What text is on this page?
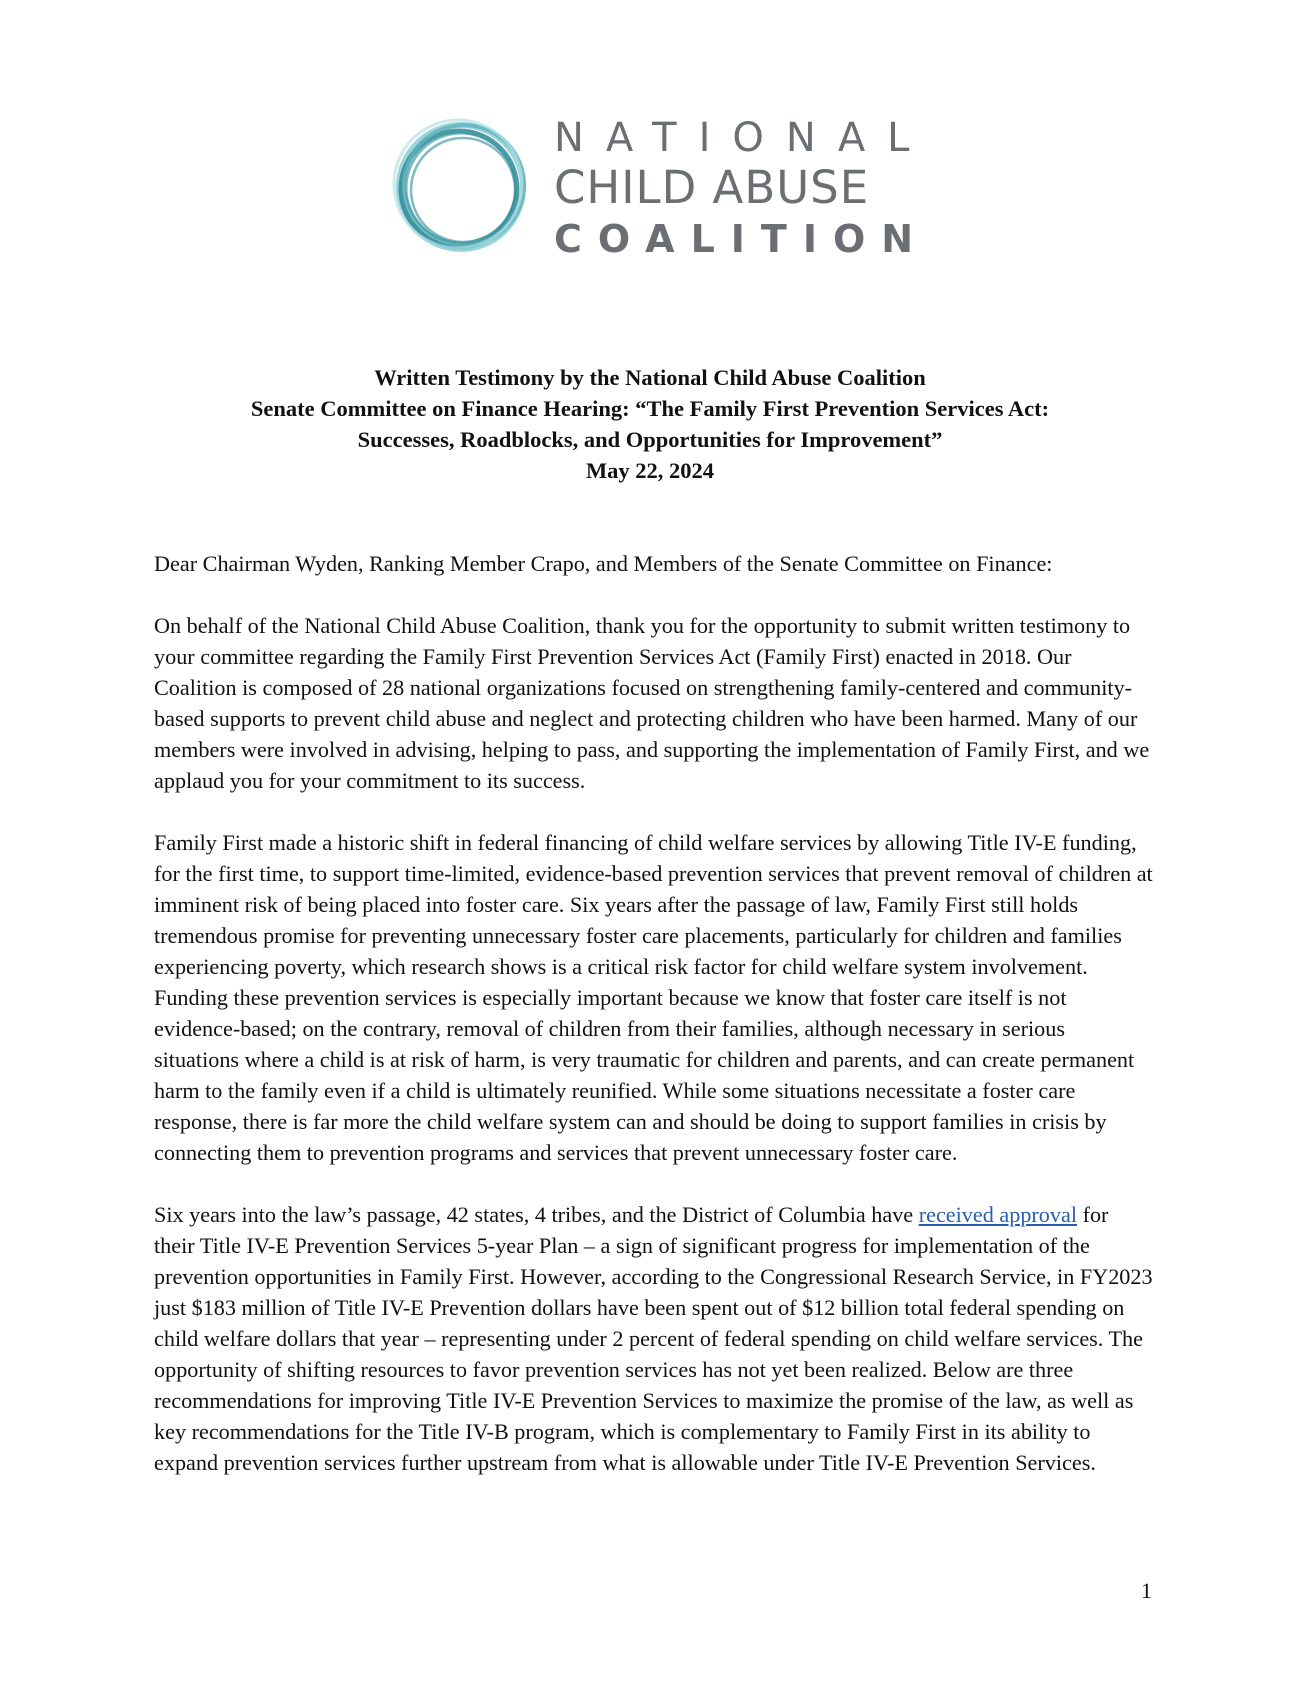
NATIONAL
CHILD ABUSE
COALITION
Written Testimony by the National Child Abuse Coalition
Senate Committee on Finance Hearing: “The Family First Prevention Services Act:
Successes, Roadblocks, and Opportunities for Improvement”
May 22, 2024

Dear Chairman Wyden, Ranking Member Crapo, and Members of the Senate Committee on Finance:

On behalf of the National Child Abuse Coalition, thank you for the opportunity to submit written testimony to your committee regarding the Family First Prevention Services Act (Family First) enacted in 2018. Our Coalition is composed of 28 national organizations focused on strengthening family-centered and community-based supports to prevent child abuse and neglect and protecting children who have been harmed. Many of our members were involved in advising, helping to pass, and supporting the implementation of Family First, and we applaud you for your commitment to its success.

Family First made a historic shift in federal financing of child welfare services by allowing Title IV-E funding, for the first time, to support time-limited, evidence-based prevention services that prevent removal of children at imminent risk of being placed into foster care. Six years after the passage of law, Family First still holds tremendous promise for preventing unnecessary foster care placements, particularly for children and families experiencing poverty, which research shows is a critical risk factor for child welfare system involvement. Funding these prevention services is especially important because we know that foster care itself is not evidence-based; on the contrary, removal of children from their families, although necessary in serious situations where a child is at risk of harm, is very traumatic for children and parents, and can create permanent harm to the family even if a child is ultimately reunified. While some situations necessitate a foster care response, there is far more the child welfare system can and should be doing to support families in crisis by connecting them to prevention programs and services that prevent unnecessary foster care.

Six years into the law’s passage, 42 states, 4 tribes, and the District of Columbia have received approval for their Title IV-E Prevention Services 5-year Plan – a sign of significant progress for implementation of the prevention opportunities in Family First. However, according to the Congressional Research Service, in FY2023 just $183 million of Title IV-E Prevention dollars have been spent out of $12 billion total federal spending on child welfare dollars that year – representing under 2 percent of federal spending on child welfare services. The opportunity of shifting resources to favor prevention services has not yet been realized. Below are three recommendations for improving Title IV-E Prevention Services to maximize the promise of the law, as well as key recommendations for the Title IV-B program, which is complementary to Family First in its ability to expand prevention services further upstream from what is allowable under Title IV-E Prevention Services.

1
